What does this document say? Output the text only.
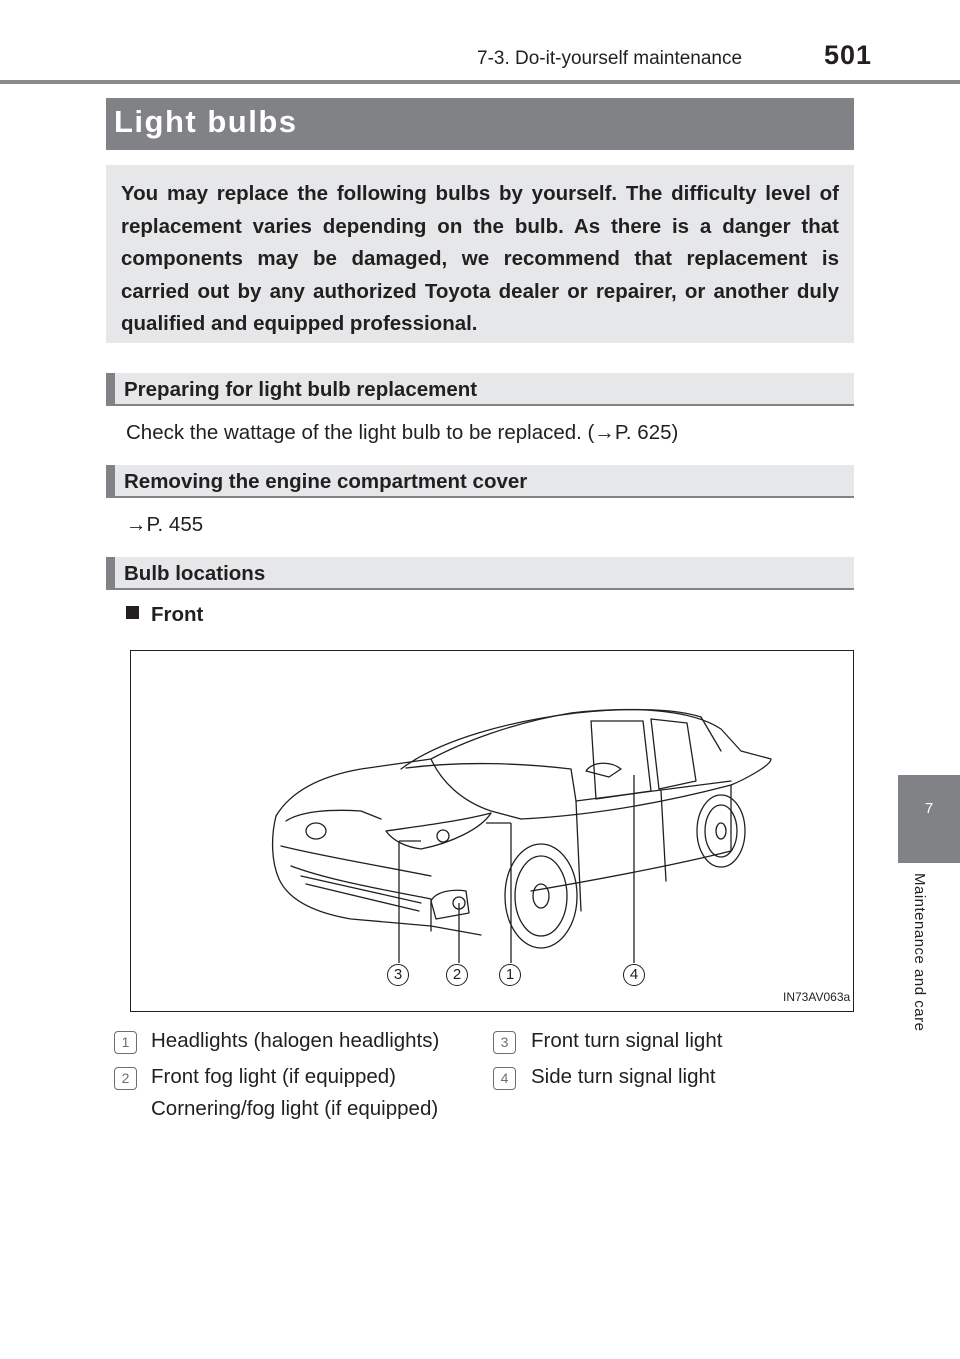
7-3. Do-it-yourself maintenance	501
Light bulbs
You may replace the following bulbs by yourself. The difficulty level of replacement varies depending on the bulb. As there is a danger that components may be damaged, we recommend that replacement is carried out by any authorized Toyota dealer or repairer, or another duly qualified and equipped professional.
Preparing for light bulb replacement
Check the wattage of the light bulb to be replaced. (→P. 625)
Removing the engine compartment cover
→P. 455
Bulb locations
Front
3	2	1	4
IN73AV063a
1	Headlights (halogen headlights)
2	Front fog light (if equipped)
Cornering/fog light (if equipped)
3	Front turn signal light
4	Side turn signal light
7
Maintenance and care
